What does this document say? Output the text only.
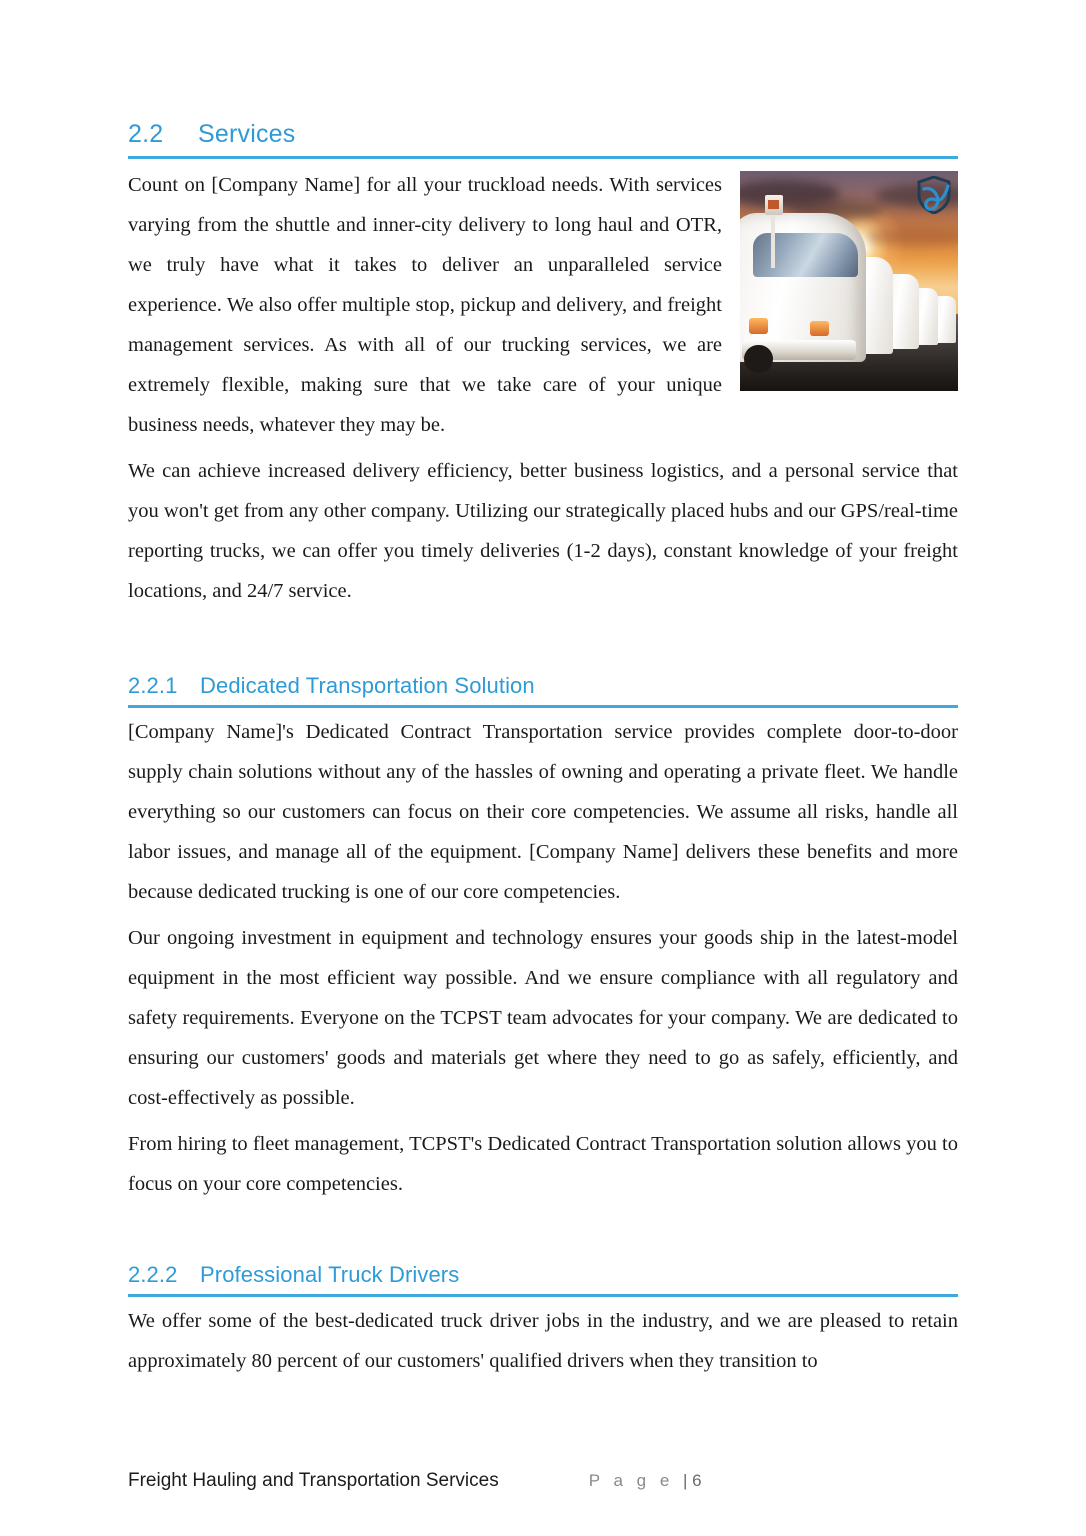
2.2	Services

Count on [Company Name] for all your truckload needs. With services varying from the shuttle and inner-city delivery to long haul and OTR, we truly have what it takes to deliver an unparalleled service experience. We also offer multiple stop, pickup and delivery, and freight management services. As with all of our trucking services, we are extremely flexible, making sure that we take care of your unique business needs, whatever they may be.

We can achieve increased delivery efficiency, better business logistics, and a personal service that you won't get from any other company. Utilizing our strategically placed hubs and our GPS/real-time reporting trucks, we can offer you timely deliveries (1-2 days), constant knowledge of your freight locations, and 24/7 service.

2.2.1	Dedicated Transportation Solution

[Company Name]'s Dedicated Contract Transportation service provides complete door-to-door supply chain solutions without any of the hassles of owning and operating a private fleet. We handle everything so our customers can focus on their core competencies. We assume all risks, handle all labor issues, and manage all of the equipment. [Company Name] delivers these benefits and more because dedicated trucking is one of our core competencies.

Our ongoing investment in equipment and technology ensures your goods ship in the latest-model equipment in the most efficient way possible. And we ensure compliance with all regulatory and safety requirements. Everyone on the TCPST team advocates for your company. We are dedicated to ensuring our customers' goods and materials get where they need to go as safely, efficiently, and cost-effectively as possible.

From hiring to fleet management, TCPST's Dedicated Contract Transportation solution allows you to focus on your core competencies.

2.2.2	Professional Truck Drivers

We offer some of the best-dedicated truck driver jobs in the industry, and we are pleased to retain approximately 80 percent of our customers' qualified drivers when they transition to

Freight Hauling and Transportation Services	P a g e | 6
